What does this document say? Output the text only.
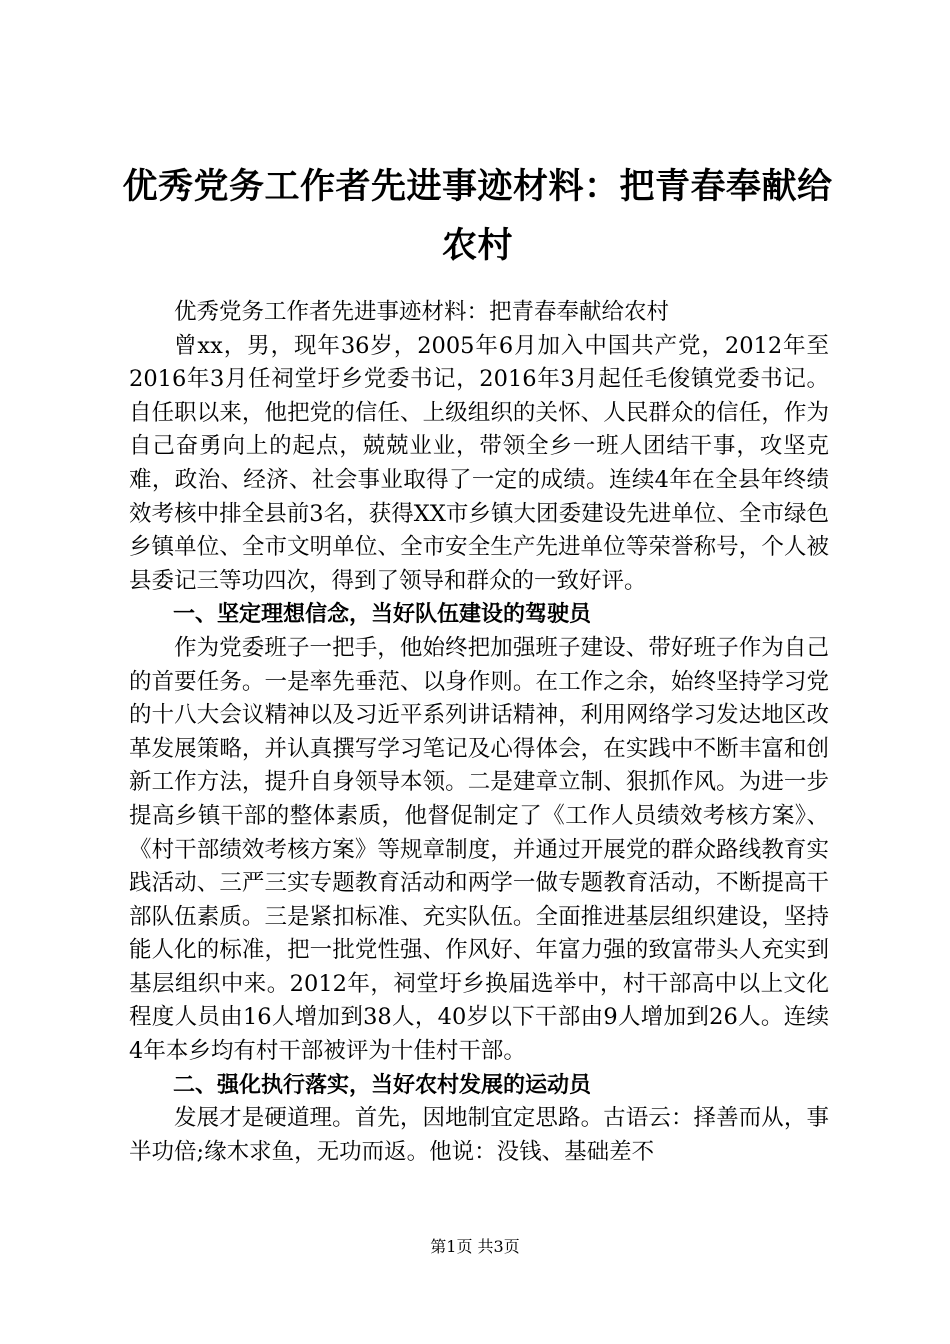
优秀党务工作者先进事迹材料：把青春奉献给农村

优秀党务工作者先进事迹材料：把青春奉献给农村

曾xx，男，现年36岁，2005年6月加入中国共产党，2012年至2016年3月任祠堂圩乡党委书记，2016年3月起任毛俊镇党委书记。自任职以来，他把党的信任、上级组织的关怀、人民群众的信任，作为自己奋勇向上的起点，兢兢业业，带领全乡一班人团结干事，攻坚克难，政治、经济、社会事业取得了一定的成绩。连续4年在全县年终绩效考核中排全县前3名，获得XX市乡镇大团委建设先进单位、全市绿色乡镇单位、全市文明单位、全市安全生产先进单位等荣誉称号，个人被县委记三等功四次，得到了领导和群众的一致好评。

一、坚定理想信念，当好队伍建设的驾驶员

作为党委班子一把手，他始终把加强班子建设、带好班子作为自己的首要任务。一是率先垂范、以身作则。在工作之余，始终坚持学习党的十八大会议精神以及习近平系列讲话精神，利用网络学习发达地区改革发展策略，并认真撰写学习笔记及心得体会，在实践中不断丰富和创新工作方法，提升自身领导本领。二是建章立制、狠抓作风。为进一步提高乡镇干部的整体素质，他督促制定了《工作人员绩效考核方案》、《村干部绩效考核方案》等规章制度，并通过开展党的群众路线教育实践活动、三严三实专题教育活动和两学一做专题教育活动，不断提高干部队伍素质。三是紧扣标准、充实队伍。全面推进基层组织建设，坚持能人化的标准，把一批党性强、作风好、年富力强的致富带头人充实到基层组织中来。2012年，祠堂圩乡换届选举中，村干部高中以上文化程度人员由16人增加到38人，40岁以下干部由9人增加到26人。连续4年本乡均有村干部被评为十佳村干部。

二、强化执行落实，当好农村发展的运动员

发展才是硬道理。首先，因地制宜定思路。古语云：择善而从，事半功倍;缘木求鱼，无功而返。他说：没钱、基础差不

第1页 共3页
